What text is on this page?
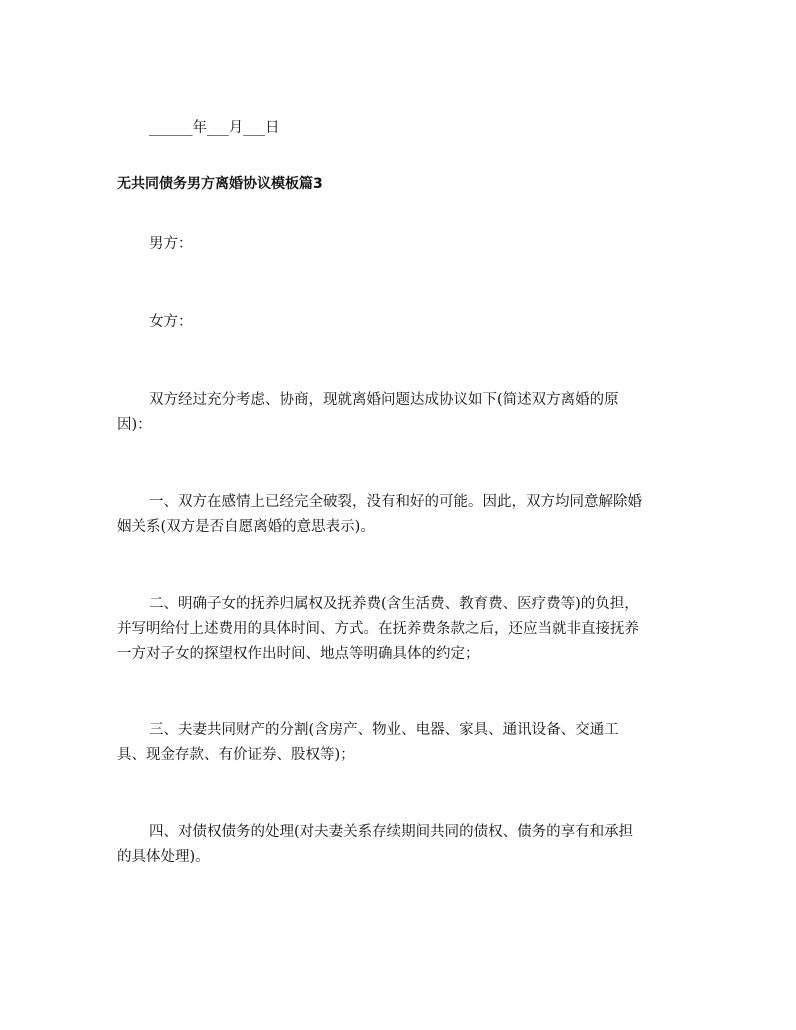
______年___月___日
无共同债务男方离婚协议模板篇3
男方：
女方：
双方经过充分考虑、协商，现就离婚问题达成协议如下(简述双方离婚的原
因)：
一、双方在感情上已经完全破裂，没有和好的可能。因此，双方均同意解除婚
姻关系(双方是否自愿离婚的意思表示)。
二、明确子女的抚养归属权及抚养费(含生活费、教育费、医疗费等)的负担，
并写明给付上述费用的具体时间、方式。在抚养费条款之后，还应当就非直接抚养
一方对子女的探望权作出时间、地点等明确具体的约定；
三、夫妻共同财产的分割(含房产、物业、电器、家具、通讯设备、交通工
具、现金存款、有价证券、股权等)；
四、对债权债务的处理(对夫妻关系存续期间共同的债权、债务的享有和承担
的具体处理)。
